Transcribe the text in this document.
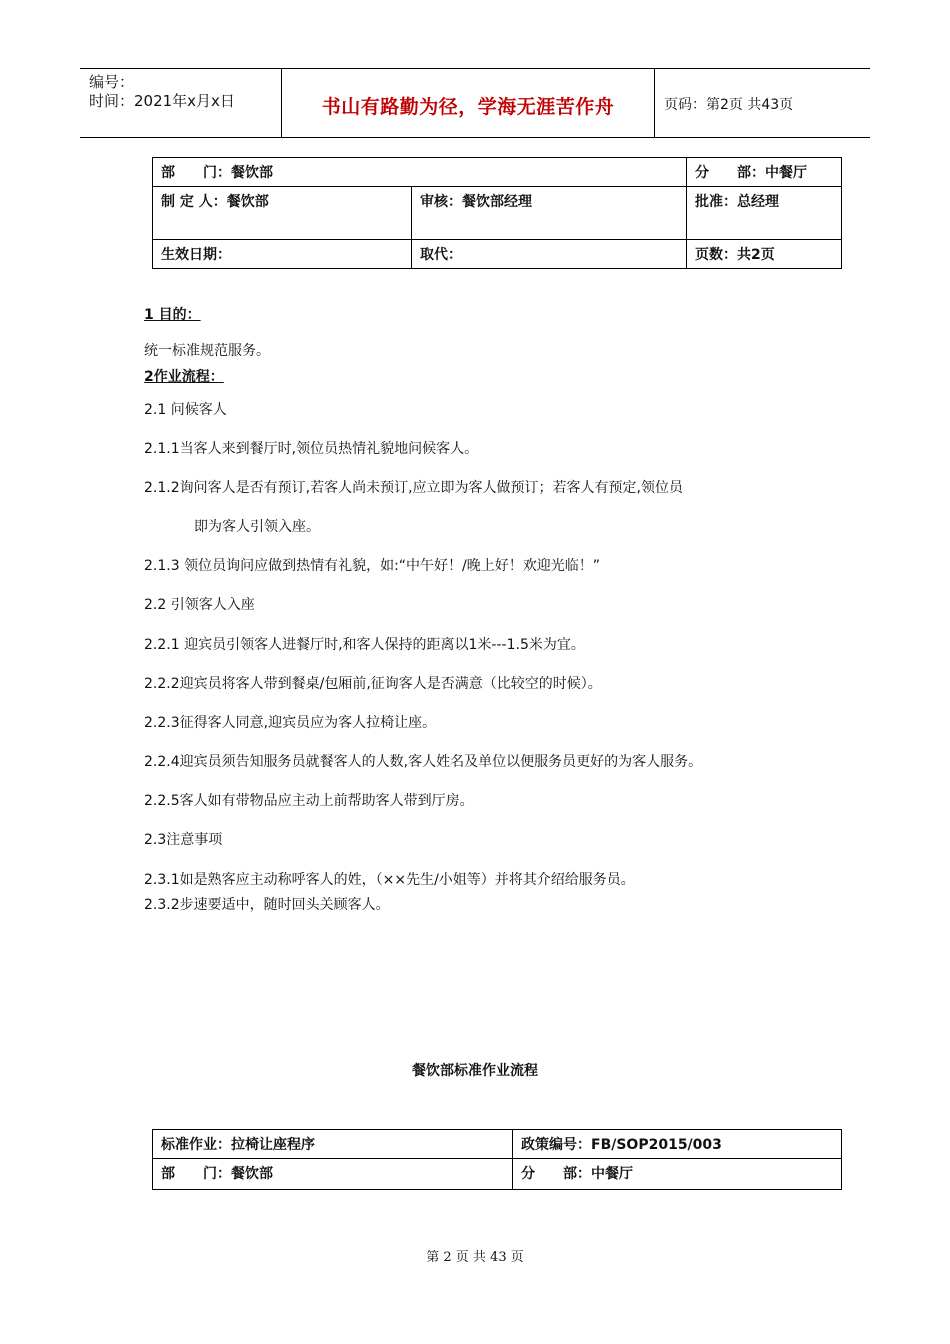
编号：
时间：2021年x月x日	书山有路勤为径，学海无涯苦作舟	页码：第2页 共43页
部　　门：餐饮部		分　　部：中餐厅
制 定 人：餐饮部	审核：餐饮部经理	批准：总经理
生效日期：	取代：	页数：共2页
1 目的：
统一标准规范服务。
2作业流程：
2.1 问候客人
2.1.1当客人来到餐厅时,领位员热情礼貌地问候客人。
2.1.2询问客人是否有预订,若客人尚未预订,应立即为客人做预订；若客人有预定,领位员
即为客人引领入座。
2.1.3 领位员询问应做到热情有礼貌，如:“中午好！/晚上好！欢迎光临！”
2.2 引领客人入座
2.2.1 迎宾员引领客人进餐厅时,和客人保持的距离以1米---1.5米为宜。
2.2.2迎宾员将客人带到餐桌/包厢前,征询客人是否满意（比较空的时候）。
2.2.3征得客人同意,迎宾员应为客人拉椅让座。
2.2.4迎宾员须告知服务员就餐客人的人数,客人姓名及单位以便服务员更好的为客人服务。
2.2.5客人如有带物品应主动上前帮助客人带到厅房。
2.3注意事项
2.3.1如是熟客应主动称呼客人的姓，（××先生/小姐等）并将其介绍给服务员。
2.3.2步速要适中，随时回头关顾客人。
餐饮部标准作业流程
标准作业：拉椅让座程序	政策编号：FB/SOP2015/003
部　　门：餐饮部	分　　部：中餐厅
第 2 页 共 43 页
